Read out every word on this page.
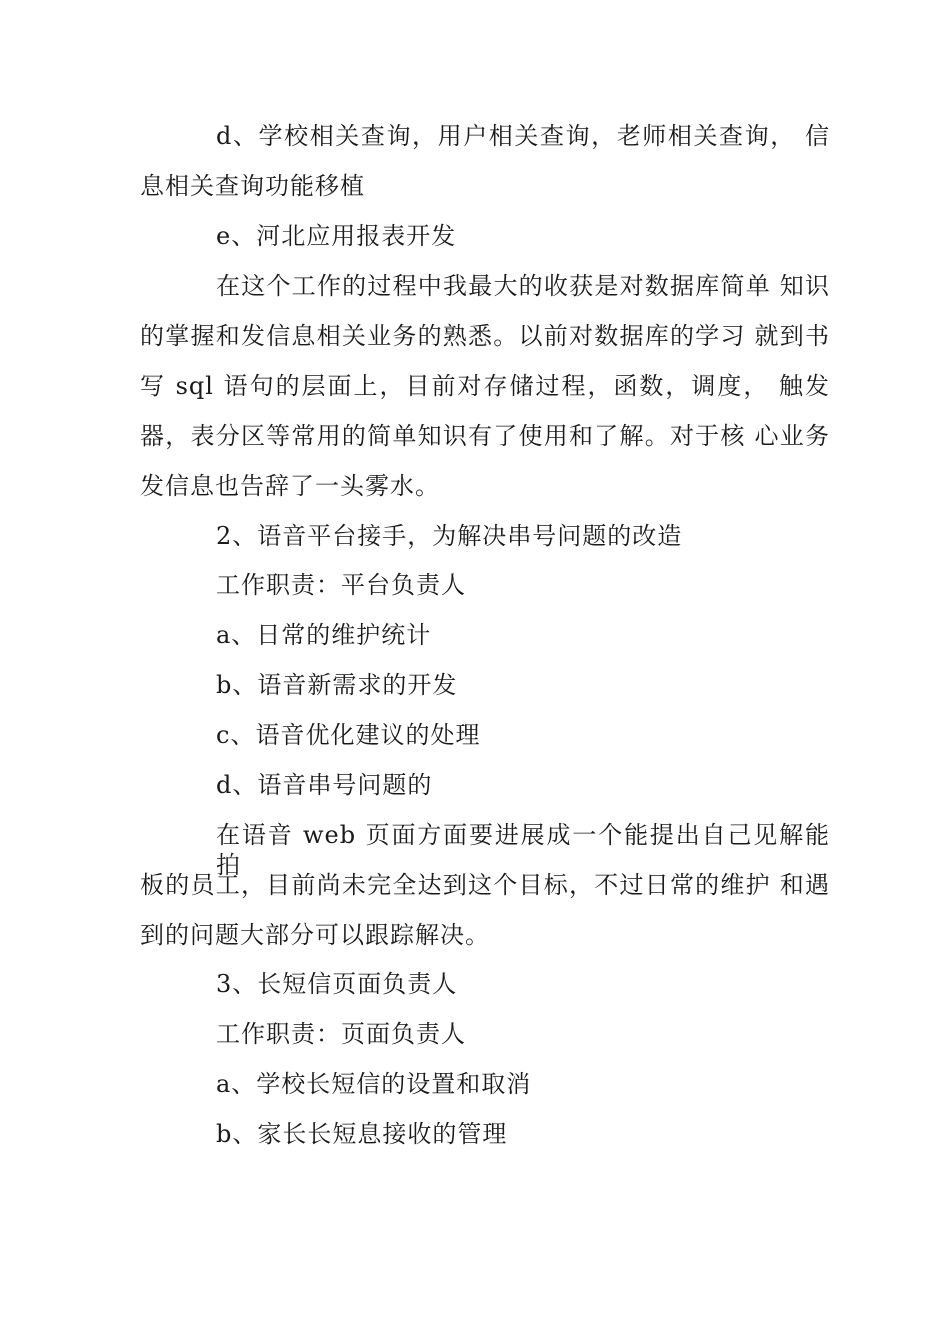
d、学校相关查询，用户相关查询，老师相关查询， 信
息相关查询功能移植
e、河北应用报表开发
在这个工作的过程中我最大的收获是对数据库简单 知识
的掌握和发信息相关业务的熟悉。以前对数据库的学习 就到书
写 sql 语句的层面上，目前对存储过程，函数，调度， 触发
器，表分区等常用的简单知识有了使用和了解。对于核 心业务
发信息也告辞了一头雾水。
2、语音平台接手，为解决串号问题的改造
工作职责：平台负责人
a、日常的维护统计
b、语音新需求的开发
c、语音优化建议的处理
d、语音串号问题的
在语音 web 页面方面要进展成一个能提出自己见解能 拍
板的员工，目前尚未完全达到这个目标，不过日常的维护 和遇
到的问题大部分可以跟踪解决。
3、长短信页面负责人
工作职责：页面负责人
a、学校长短信的设置和取消
b、家长长短息接收的管理
